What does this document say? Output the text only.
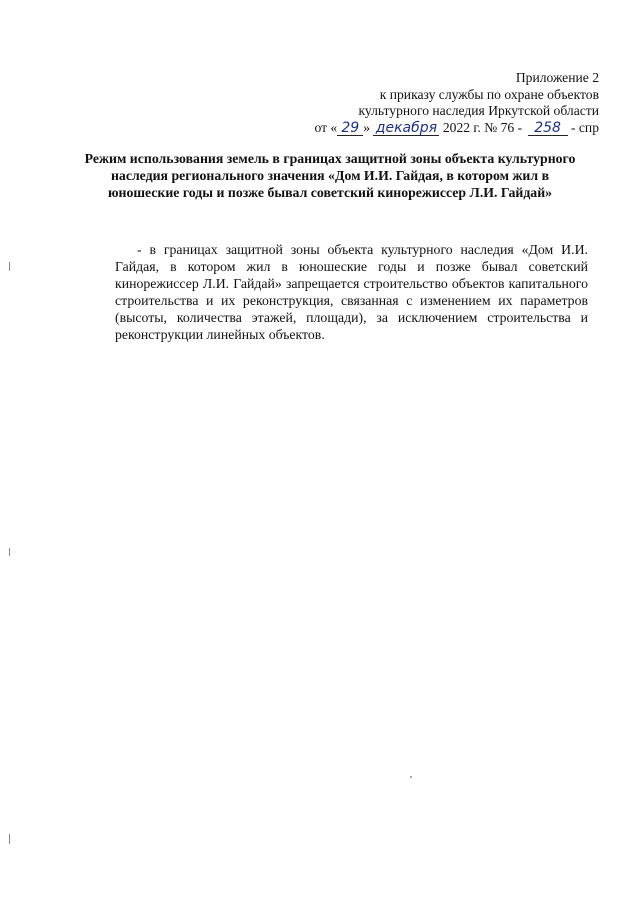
Приложение 2
к приказу службы по охране объектов
культурного наследия Иркутской области
от « 29 » декабря 2022 г. № 76 - 258 - спр
Режим использования земель в границах защитной зоны объекта культурного наследия регионального значения «Дом И.И. Гайдая, в котором жил в юношеские годы и позже бывал советский кинорежиссер Л.И. Гайдай»
- в границах защитной зоны объекта культурного наследия «Дом И.И. Гайдая, в котором жил в юношеские годы и позже бывал советский кинорежиссер Л.И. Гайдай» запрещается строительство объектов капитального строительства и их реконструкция, связанная с изменением их параметров (высоты, количества этажей, площади), за исключением строительства и реконструкции линейных объектов.
